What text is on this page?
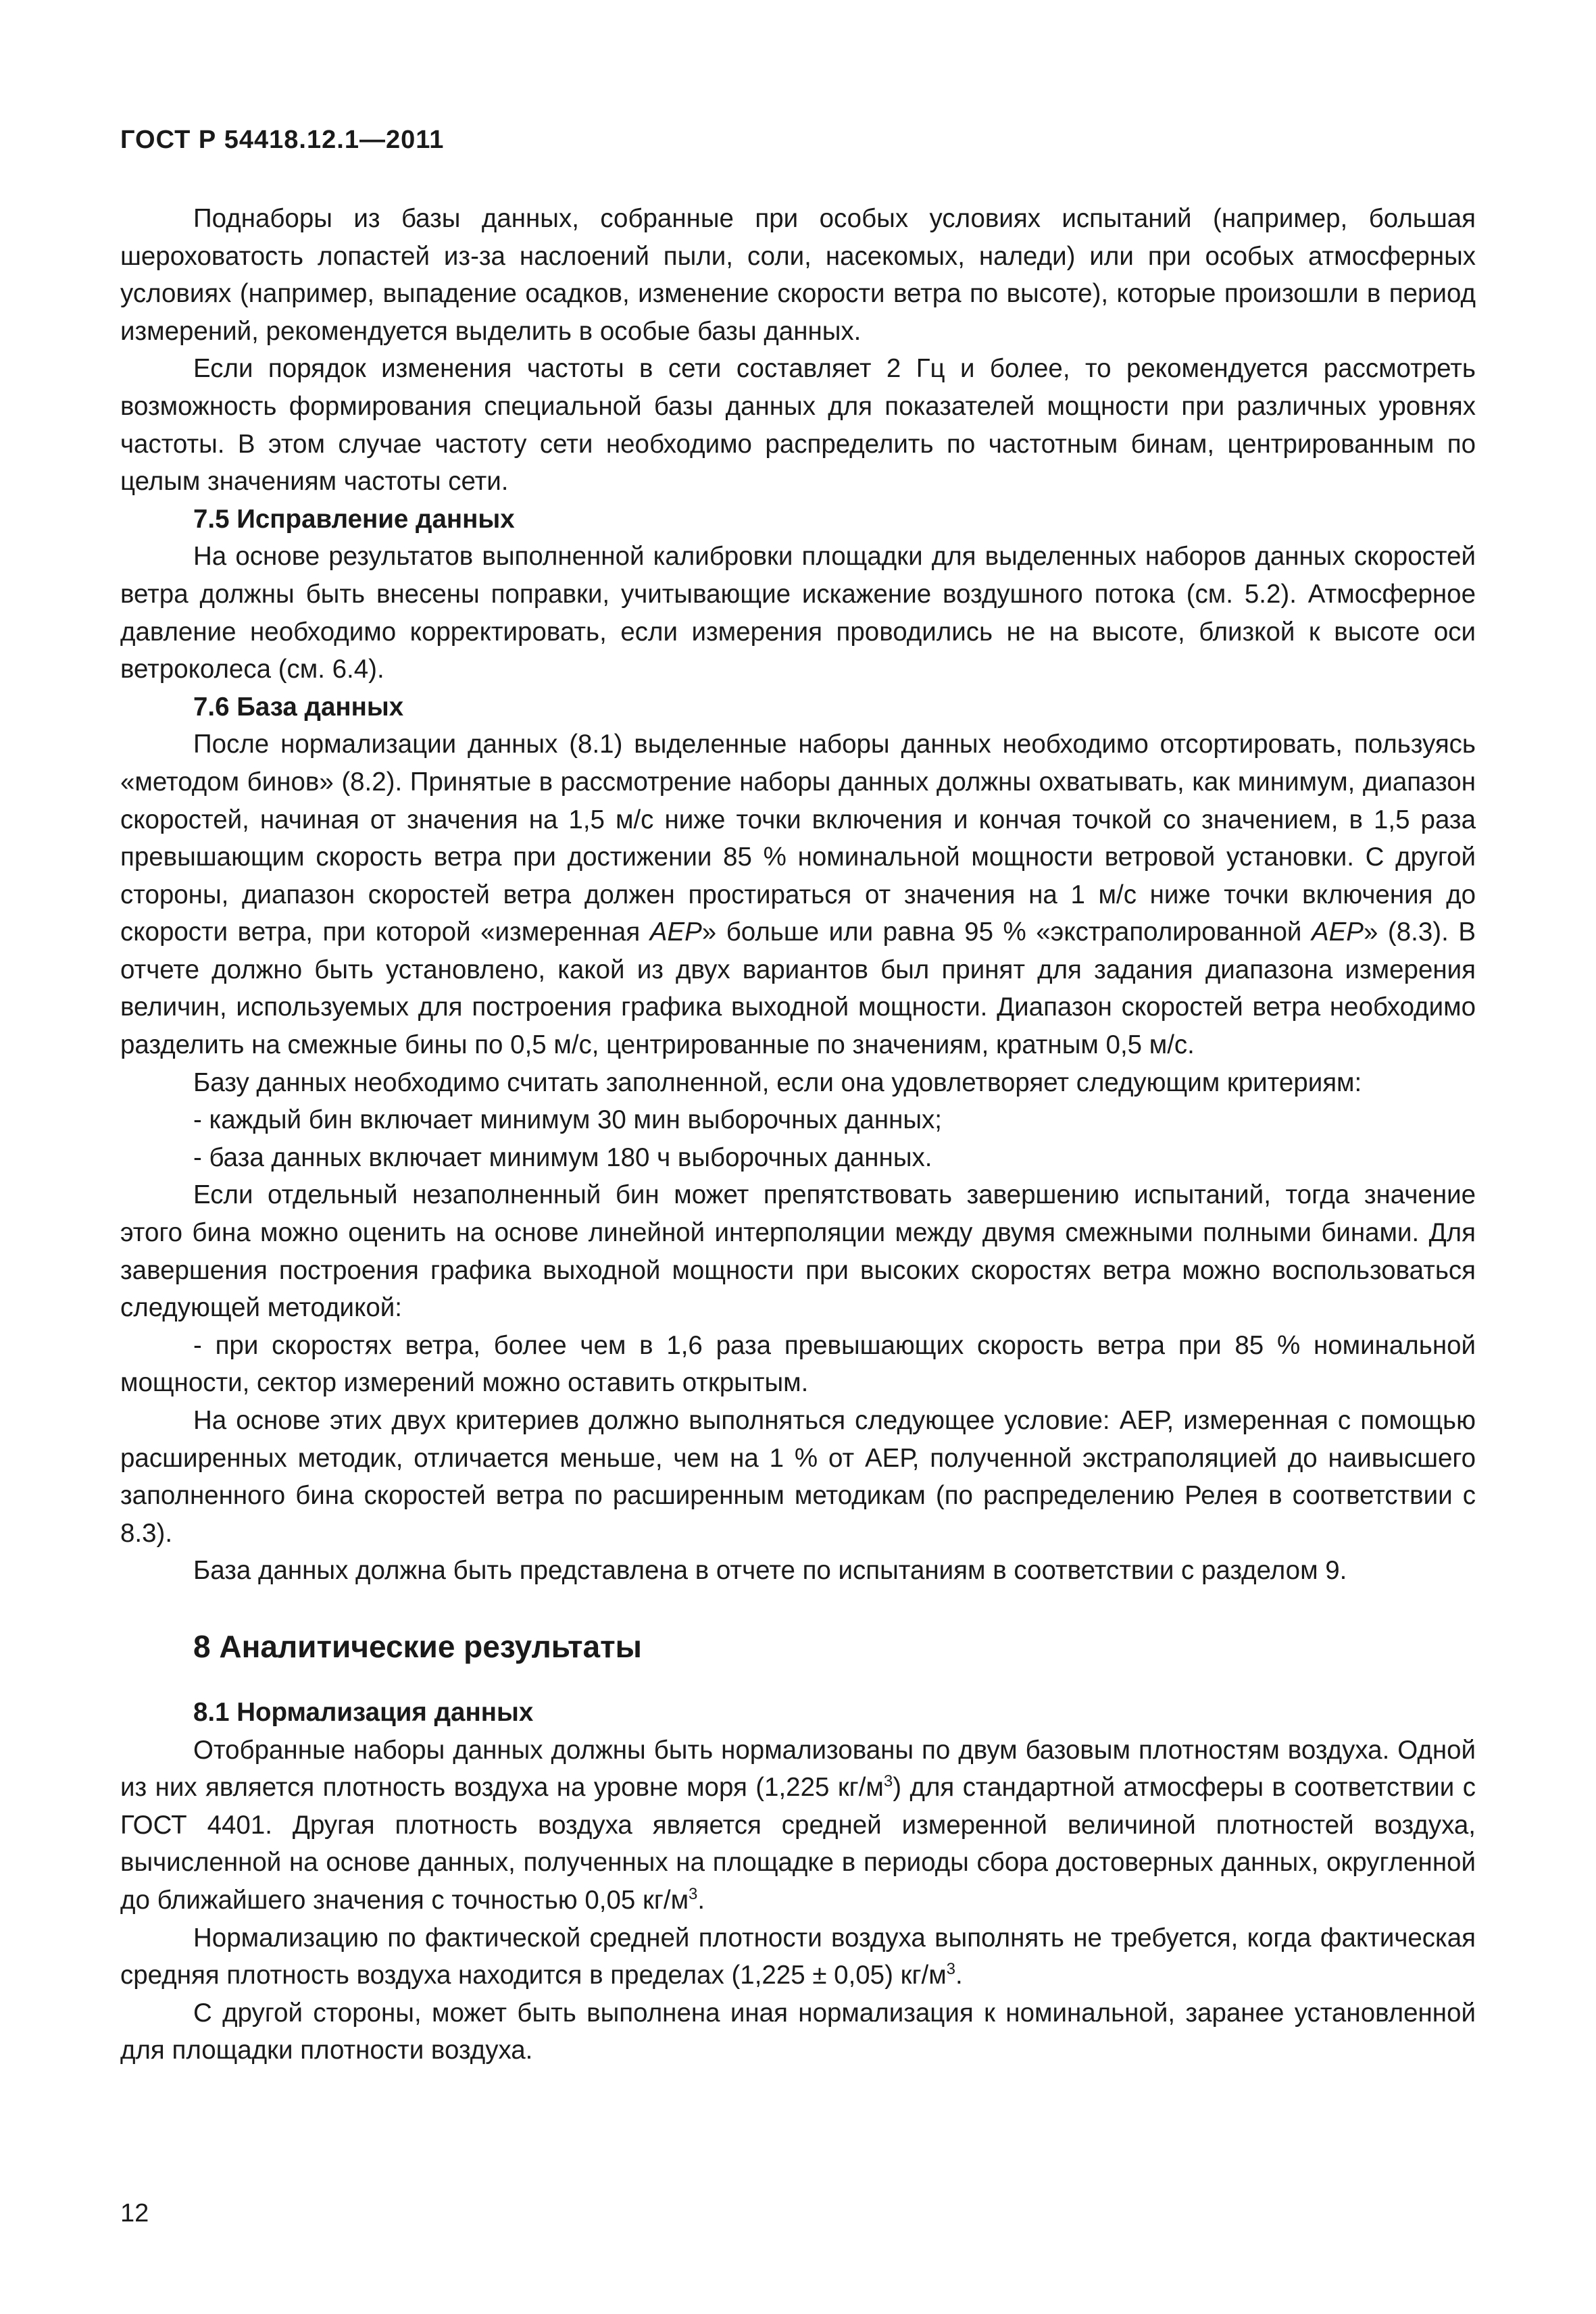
ГОСТ Р 54418.12.1—2011

Поднаборы из базы данных, собранные при особых условиях испытаний (например, большая шероховатость лопастей из-за наслоений пыли, соли, насекомых, наледи) или при особых атмосферных условиях (например, выпадение осадков, изменение скорости ветра по высоте), которые произошли в период измерений, рекомендуется выделить в особые базы данных.

Если порядок изменения частоты в сети составляет 2 Гц и более, то рекомендуется рассмотреть возможность формирования специальной базы данных для показателей мощности при различных уровнях частоты. В этом случае частоту сети необходимо распределить по частотным бинам, центрированным по целым значениям частоты сети.

7.5 Исправление данных

На основе результатов выполненной калибровки площадки для выделенных наборов данных скоростей ветра должны быть внесены поправки, учитывающие искажение воздушного потока (см. 5.2). Атмосферное давление необходимо корректировать, если измерения проводились не на высоте, близкой к высоте оси ветроколеса (см. 6.4).

7.6 База данных

После нормализации данных (8.1) выделенные наборы данных необходимо отсортировать, пользуясь «методом бинов» (8.2). Принятые в рассмотрение наборы данных должны охватывать, как минимум, диапазон скоростей, начиная от значения на 1,5 м/с ниже точки включения и кончая точкой со значением, в 1,5 раза превышающим скорость ветра при достижении 85 % номинальной мощности ветровой установки. С другой стороны, диапазон скоростей ветра должен простираться от значения на 1 м/с ниже точки включения до скорости ветра, при которой «измеренная AEP» больше или равна 95 % «экстраполированной AEP» (8.3). В отчете должно быть установлено, какой из двух вариантов был принят для задания диапазона измерения величин, используемых для построения графика выходной мощности. Диапазон скоростей ветра необходимо разделить на смежные бины по 0,5 м/с, центрированные по значениям, кратным 0,5 м/с.

Базу данных необходимо считать заполненной, если она удовлетворяет следующим критериям:

- каждый бин включает минимум 30 мин выборочных данных;

- база данных включает минимум 180 ч выборочных данных.

Если отдельный незаполненный бин может препятствовать завершению испытаний, тогда значение этого бина можно оценить на основе линейной интерполяции между двумя смежными полными бинами. Для завершения построения графика выходной мощности при высоких скоростях ветра можно воспользоваться следующей методикой:

- при скоростях ветра, более чем в 1,6 раза превышающих скорость ветра при 85 % номинальной мощности, сектор измерений можно оставить открытым.

На основе этих двух критериев должно выполняться следующее условие: АЕР, измеренная с помощью расширенных методик, отличается меньше, чем на 1 % от АЕР, полученной экстраполяцией до наивысшего заполненного бина скоростей ветра по расширенным методикам (по распределению Релея в соответствии с 8.3).

База данных должна быть представлена в отчете по испытаниям в соответствии с разделом 9.

8 Аналитические результаты

8.1 Нормализация данных

Отобранные наборы данных должны быть нормализованы по двум базовым плотностям воздуха. Одной из них является плотность воздуха на уровне моря (1,225 $кг/м^3$) для стандартной атмосферы в соответствии с ГОСТ 4401. Другая плотность воздуха является средней измеренной величиной плотностей воздуха, вычисленной на основе данных, полученных на площадке в периоды сбора достоверных данных, округленной до ближайшего значения с точностью 0,05 $кг/м^3$.

Нормализацию по фактической средней плотности воздуха выполнять не требуется, когда фактическая средняя плотность воздуха находится в пределах (1,225 ± 0,05) $кг/м^3$.

С другой стороны, может быть выполнена иная нормализация к номинальной, заранее установленной для площадки плотности воздуха.

12
